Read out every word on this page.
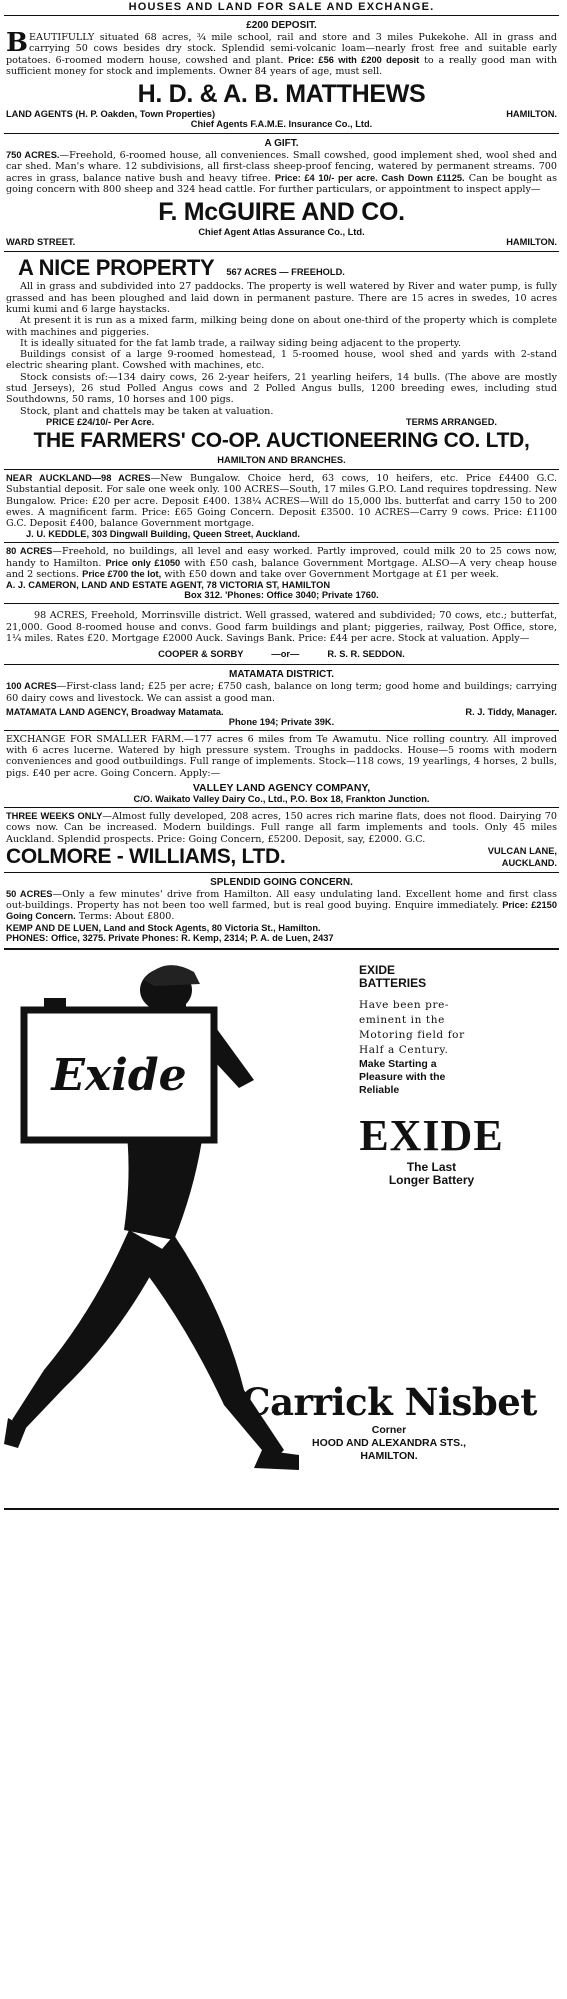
HOUSES AND LAND FOR SALE AND EXCHANGE.
£200 DEPOSIT.

BEAUTIFULLY situated 68 acres, ¾ mile school, rail and store and 3 miles Pukekohe. All in grass and carrying 50 cows besides dry stock. Splendid semi-volcanic loam—nearly frost free and suitable early potatoes. 6-roomed modern house, cowshed and plant. Price: £56 with £200 deposit to a really good man with sufficient money for stock and implements. Owner 84 years of age, must sell.

H. D. & A. B. MATTHEWS
LAND AGENTS (H. P. Oakden, Town Properties)	HAMILTON.
Chief Agents F.A.M.E. Insurance Co., Ltd.
A GIFT.

750 ACRES.—Freehold, 6-roomed house, all conveniences. Small cowshed, good implement shed, wool shed and car shed. Man's whare. 12 subdivisions, all first-class sheep-proof fencing, watered by permanent streams. 700 acres in grass, balance native bush and heavy tifree. Price: £4 10/- per acre. Cash Down £1125. Can be bought as going concern with 800 sheep and 324 head cattle. For further particulars, or appointment to inspect apply—

F. McGUIRE AND CO.
Chief Agent Atlas Assurance Co., Ltd.
WARD STREET.	HAMILTON.
A NICE PROPERTY 567 ACRES — FREEHOLD.

All in grass and subdivided into 27 paddocks. The property is well watered by River and water pump, is fully grassed and has been ploughed and laid down in permanent pasture. There are 15 acres in swedes, 10 acres kumi kumi and 6 large haystacks.

At present it is run as a mixed farm, milking being done on about one-third of the property which is complete with machines and piggeries.

It is ideally situated for the fat lamb trade, a railway siding being adjacent to the property.

Buildings consist of a large 9-roomed homestead, 1 5-roomed house, wool shed and yards with 2-stand electric shearing plant. Cowshed with machines, etc.

Stock consists of:—134 dairy cows, 26 2-year heifers, 21 yearling heifers, 14 bulls. (The above are mostly stud Jerseys), 26 stud Polled Angus cows and 2 Polled Angus bulls, 1200 breeding ewes, including stud Southdowns, 50 rams, 10 horses and 100 pigs.

Stock, plant and chattels may be taken at valuation.

PRICE £24/10/- Per Acre.	TERMS ARRANGED.
THE FARMERS' CO-OP. AUCTIONEERING CO. LTD,
HAMILTON AND BRANCHES.

NEAR AUCKLAND—98 ACRES—New Bungalow. Choice herd, 63 cows, 10 heifers, etc. Price £4400 G.C. Substantial deposit. For sale one week only. 100 ACRES—South, 17 miles G.P.O. Land requires topdressing. New Bungalow. Price: £20 per acre. Deposit £400. 138¼ ACRES—Will do 15,000 lbs. butterfat and carry 150 to 200 ewes. A magnificent farm. Price: £65 Going Concern. Deposit £3500. 10 ACRES—Carry 9 cows. Price: £1100 G.C. Deposit £400, balance Government mortgage.

J. U. KEDDLE, 303 Dingwall Building, Queen Street, Auckland.

80 ACRES—Freehold, no buildings, all level and easy worked. Partly improved, could milk 20 to 25 cows now, handy to Hamilton. Price only £1050 with £50 cash, balance Government Mortgage. ALSO—A very cheap house and 2 sections. Price £700 the lot, with £50 down and take over Government Mortgage at £1 per week.

A. J. CAMERON, LAND AND ESTATE AGENT, 78 VICTORIA ST, HAMILTON
Box 312. 'Phones: Office 3040; Private 1760.

98 ACRES, Freehold, Morrinsville district. Well grassed, watered and subdivided; 70 cows, etc.; butterfat, 21,000. Good 8-roomed house and convs. Good farm buildings and plant; piggeries, railway, Post Office, store, 1¼ miles. Rates £20. Mortgage £2000 Auck. Savings Bank. Price: £44 per acre. Stock at valuation. Apply—

COOPER & SORBY	—or—	R. S. R. SEDDON.
MATAMATA DISTRICT.

100 ACRES—First-class land; £25 per acre; £750 cash, balance on long term; good home and buildings; carrying 60 dairy cows and livestock. We can assist a good man.

MATAMATA LAND AGENCY, Broadway Matamata.	R. J. Tiddy, Manager.
Phone 194; Private 39K.

EXCHANGE FOR SMALLER FARM.—177 acres 6 miles from Te Awamutu. Nice rolling country. All improved with 6 acres lucerne. Watered by high pressure system. Troughs in paddocks. House—5 rooms with modern conveniences and good outbuildings. Full range of implements. Stock—118 cows, 19 yearlings, 4 horses, 2 bulls, pigs. £40 per acre. Going Concern. Apply:—

VALLEY LAND AGENCY COMPANY,
C/O. Waikato Valley Dairy Co., Ltd., P.O. Box 18, Frankton Junction.

THREE WEEKS ONLY—Almost fully developed, 208 acres, 150 acres rich marine flats, does not flood. Dairying 70 cows now. Can be increased. Modern buildings. Full range all farm implements and tools. Only 45 miles Auckland. Splendid prospects. Price: Going Concern, £5200. Deposit, say, £2000. G.C.

COLMORE - WILLIAMS, LTD.	VULCAN LANE,
AUCKLAND.
SPLENDID GOING CONCERN.

50 ACRES—Only a few minutes' drive from Hamilton. All easy undulating land. Excellent home and first class out-buildings. Property has not been too well farmed, but is real good buying. Enquire immediately. Price: £2150 Going Concern. Terms: About £800.

KEMP AND DE LUEN, Land and Stock Agents, 80 Victoria St., Hamilton.
PHONES: Office, 3275. Private Phones: R. Kemp, 2314; P. A. de Luen, 2437
Exide
EXIDE
BATTERIES
Have been pre-
eminent in the
Motoring field for
Half a Century.
Make Starting a
Pleasure with the
Reliable
EXIDE
The Last
Longer Battery
Carrick Nisbet
Corner
HOOD AND ALEXANDRA STS.,
HAMILTON.
